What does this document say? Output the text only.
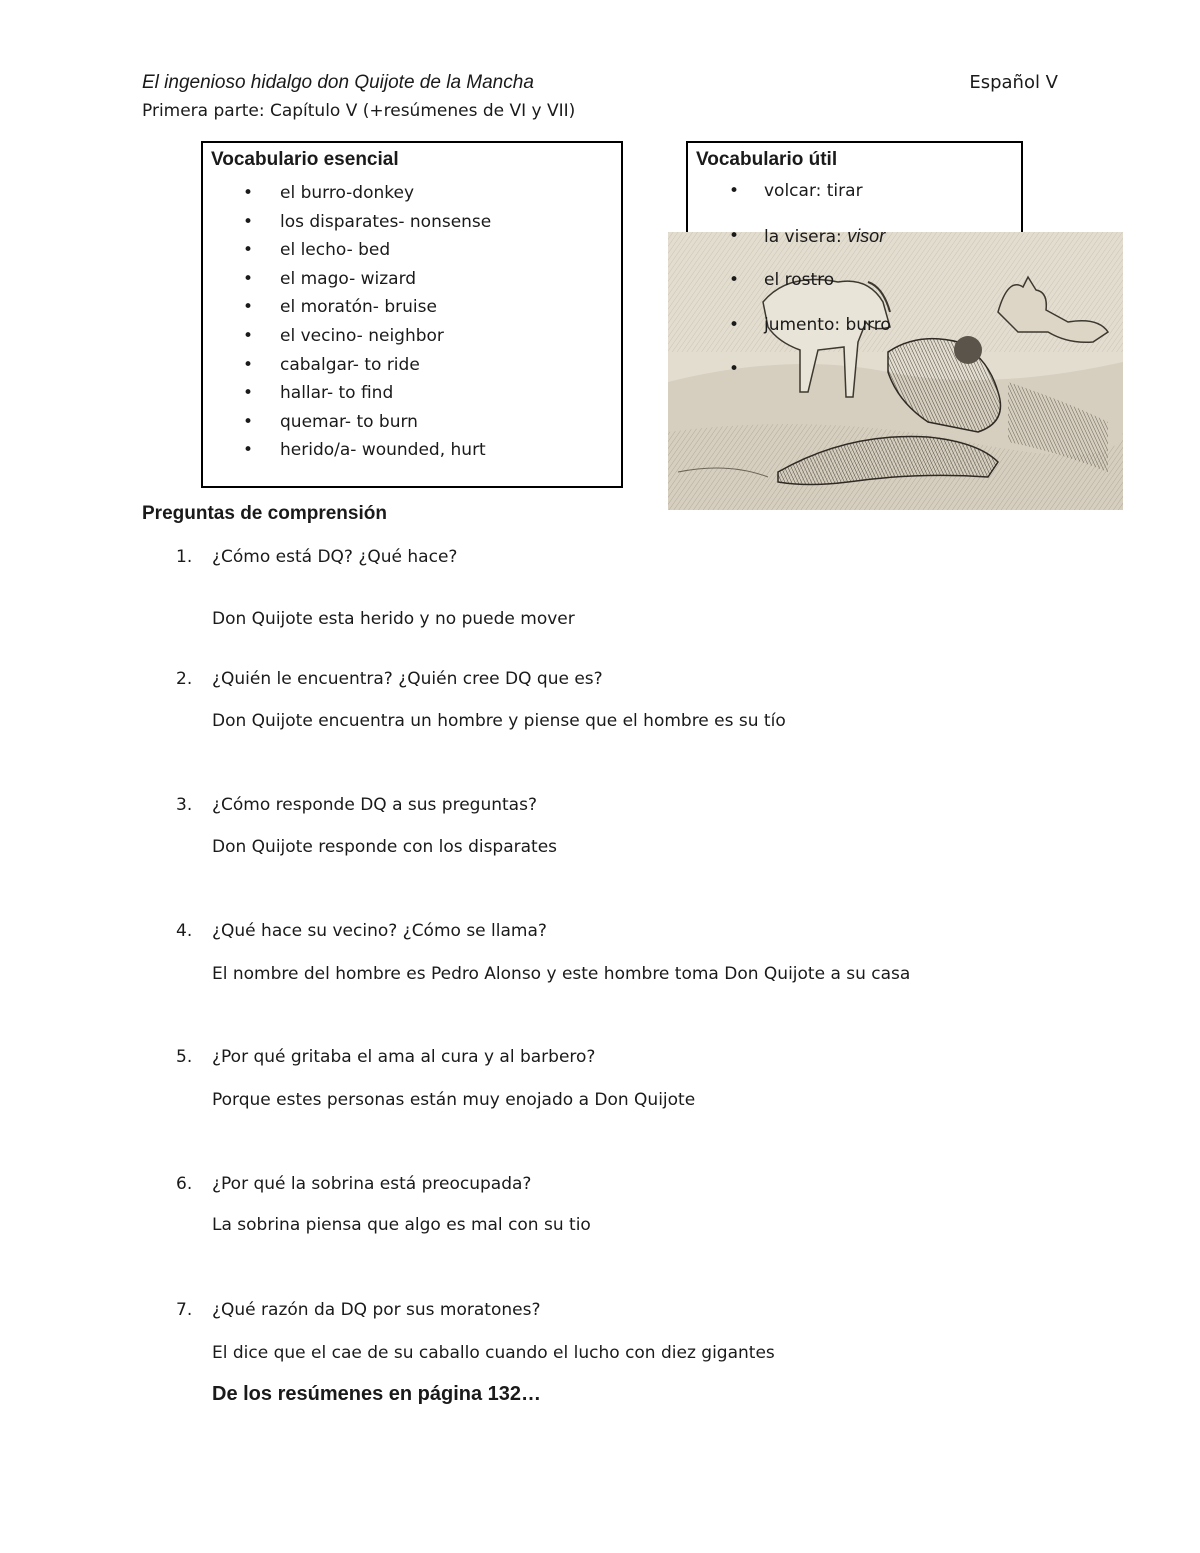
El ingenioso hidalgo don Quijote de la Mancha	Español V
Primera parte: Capítulo V (+resúmenes de VI y VII)
Vocabulario esencial
• el burro-donkey
• los disparates- nonsense
• el lecho- bed
• el mago- wizard
• el moratón- bruise
• el vecino- neighbor
• cabalgar- to ride
• hallar- to find
• quemar- to burn
• herido/a- wounded, hurt
Vocabulario útil
• volcar: tirar
• la visera: visor
• el rostro
• jumento: burro
•
Preguntas de comprensión
1. ¿Cómo está DQ? ¿Qué hace?
Don Quijote esta herido y no puede mover
2. ¿Quién le encuentra? ¿Quién cree DQ que es?
Don Quijote encuentra un hombre y piense que el hombre es su tío
3. ¿Cómo responde DQ a sus preguntas?
Don Quijote responde con los disparates
4. ¿Qué hace su vecino? ¿Cómo se llama?
El nombre del hombre es Pedro Alonso y este hombre toma Don Quijote a su casa
5. ¿Por qué gritaba el ama al cura y al barbero?
Porque estes personas están muy enojado a Don Quijote
6. ¿Por qué la sobrina está preocupada?
La sobrina piensa que algo es mal con su tio
7. ¿Qué razón da DQ por sus moratones?
El dice que el cae de su caballo cuando el lucho con diez gigantes
De los resúmenes en página 132…
